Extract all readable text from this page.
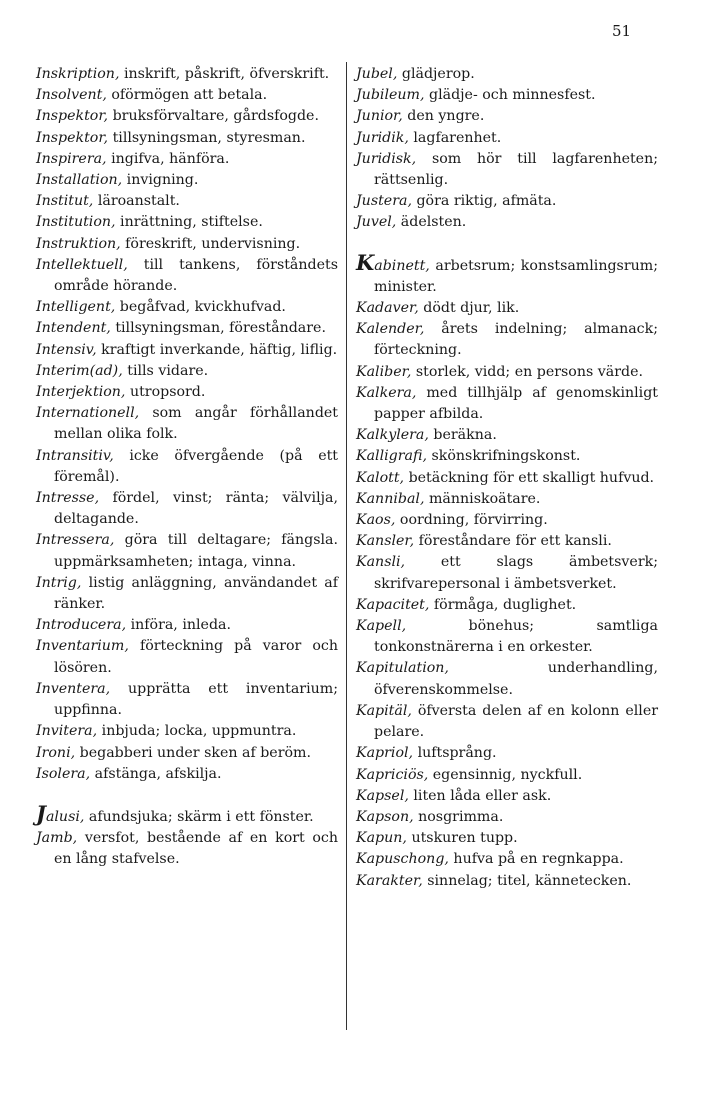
51

Inskription, inskrift, påskrift, öfverskrift.

Insolvent, oförmögen att betala.

Inspektor, bruksförvaltare, gårdsfogde.

Inspektor, tillsyningsman, styresman.

Inspirera, ingifva, hänföra.

Installation, invigning.

Institut, läroanstalt.

Institution, inrättning, stiftelse.

Instruktion, föreskrift, undervisning.

Intellektuell, till tankens, förståndets område hörande.

Intelligent, begåfvad, kvickhufvad.

Intendent, tillsyningsman, föreståndare.

Intensiv, kraftigt inverkande, häftig, liflig.

Interim(ad), tills vidare.

Interjektion, utropsord.

Internationell, som angår förhållandet mellan olika folk.

Intransitiv, icke öfvergående (på ett föremål).

Intresse, fördel, vinst; ränta; välvilja, deltagande.

Intressera, göra till deltagare; fängsla. uppmärksamheten; intaga, vinna.

Intrig, listig anläggning, användandet af ränker.

Introducera, införa, inleda.

Inventarium, förteckning på varor och lösören.

Inventera, upprätta ett inventarium; uppfinna.

Invitera, inbjuda; locka, uppmuntra.

Ironi, begabberi under sken af beröm.

Isolera, afstänga, afskilja.

Jalusi, afundsjuka; skärm i ett fönster.

Jamb, versfot, bestående af en kort och en lång stafvelse.

Jubel, glädjerop.

Jubileum, glädje- och minnesfest.

Junior, den yngre.

Juridik, lagfarenhet.

Juridisk, som hör till lagfarenheten; rättsenlig.

Justera, göra riktig, afmäta.

Juvel, ädelsten.

Kabinett, arbetsrum; konstsamlingsrum; minister.

Kadaver, dödt djur, lik.

Kalender, årets indelning; almanack; förteckning.

Kaliber, storlek, vidd; en persons värde.

Kalkera, med tillhjälp af genomskinligt papper afbilda.

Kalkylera, beräkna.

Kalligrafi, skönskrifningskonst.

Kalott, betäckning för ett skalligt hufvud.

Kannibal, människoätare.

Kaos, oordning, förvirring.

Kansler, föreståndare för ett kansli.

Kansli, ett slags ämbetsverk; skrifvarepersonal i ämbetsverket.

Kapacitet, förmåga, duglighet.

Kapell, bönehus; samtliga tonkonstnärerna i en orkester.

Kapitulation, underhandling, öfverenskommelse.

Kapitäl, öfversta delen af en kolonn eller pelare.

Kapriol, luftsprång.

Kapriciös, egensinnig, nyckfull.

Kapsel, liten låda eller ask.

Kapson, nosgrimma.

Kapun, utskuren tupp.

Kapuschong, hufva på en regnkappa.

Karakter, sinnelag; titel, kännetecken.
